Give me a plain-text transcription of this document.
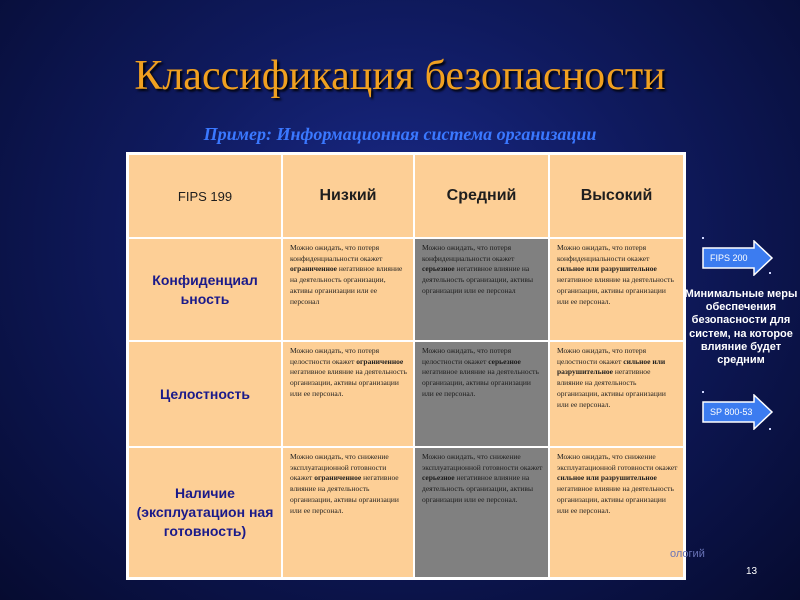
Классификация безопасности
Пример: Информационная система организации
FIPS 199	Низкий	Средний	Высокий
Конфиденциал ьность	Можно ожидать, что потеря конфиденциальности окажет ограниченное негативное влияние на деятельность организации, активы организации или ее персонал	Можно ожидать, что потеря конфиденциальности окажет серьезное негативное влияние на деятельность организации, активы организации или ее персонал	Можно ожидать, что потеря конфиденциальности окажет сильное или разрушительное негативное влияние на деятельность организации, активы организации или ее персонал.
Целостность	Можно ожидать, что потеря целостности окажет ограниченное негативное влияние на деятельность организации, активы организации или ее персонал.	Можно ожидать, что потеря целостности окажет серьезное негативное влияние на деятельность организации, активы организации или ее персонал.	Можно ожидать, что потеря целостности окажет сильное или разрушительное негативное влияние на деятельность организации, активы организации или ее персонал.
Наличие (эксплуатацион ная готовность)	Можно ожидать, что снижение эксплуатационной готовности окажет ограниченное негативное влияние на деятельность организации, активы организации или ее персонал.	Можно ожидать, что снижение эксплуатационной готовности окажет серьезное негативное влияние на деятельность организации, активы организации или ее персонал.	Можно ожидать, что снижение эксплуатационной готовности окажет сильное или разрушительное негативное влияние на деятельность организации, активы организации или ее персонал.
FIPS 200
Минимальные меры обеспечения безопасности для систем, на которое влияние будет средним
SP 800-53
ологий
13
